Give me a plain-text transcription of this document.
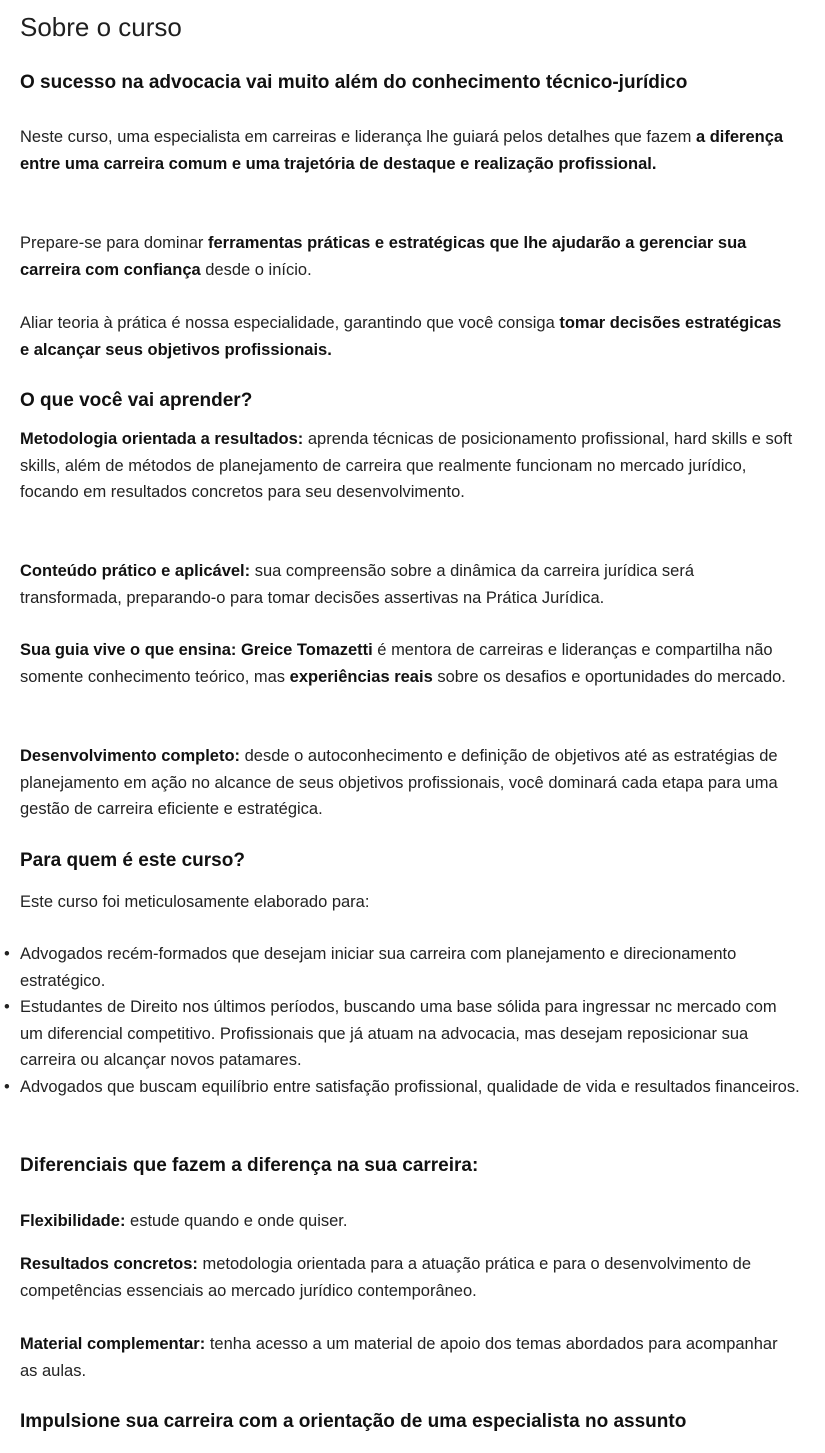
Sobre o curso
O sucesso na advocacia vai muito além do conhecimento técnico-jurídico

Neste curso, uma especialista em carreiras e liderança lhe guiará pelos detalhes que fazem a diferença entre uma carreira comum e uma trajetória de destaque e realização profissional.

Prepare-se para dominar ferramentas práticas e estratégicas que lhe ajudarão a gerenciar sua carreira com confiança desde o início.

Aliar teoria à prática é nossa especialidade, garantindo que você consiga tomar decisões estratégicas e alcançar seus objetivos profissionais.

O que você vai aprender?

Metodologia orientada a resultados: aprenda técnicas de posicionamento profissional, hard skills e soft skills, além de métodos de planejamento de carreira que realmente funcionam no mercado jurídico, focando em resultados concretos para seu desenvolvimento.

Conteúdo prático e aplicável: sua compreensão sobre a dinâmica da carreira jurídica será transformada, preparando-o para tomar decisões assertivas na Prática Jurídica.

Sua guia vive o que ensina: Greice Tomazetti é mentora de carreiras e lideranças e compartilha não somente conhecimento teórico, mas experiências reais sobre os desafios e oportunidades do mercado.

Desenvolvimento completo: desde o autoconhecimento e definição de objetivos até as estratégias de planejamento em ação no alcance de seus objetivos profissionais, você dominará cada etapa para uma gestão de carreira eficiente e estratégica.

Para quem é este curso?

Este curso foi meticulosamente elaborado para:

• Advogados recém-formados que desejam iniciar sua carreira com planejamento e direcionamento estratégico.
• Estudantes de Direito nos últimos períodos, buscando uma base sólida para ingressar nc mercado com um diferencial competitivo. Profissionais que já atuam na advocacia, mas desejam reposicionar sua carreira ou alcançar novos patamares.
• Advogados que buscam equilíbrio entre satisfação profissional, qualidade de vida e resultados financeiros.
Diferenciais que fazem a diferença na sua carreira:

Flexibilidade: estude quando e onde quiser.

Resultados concretos: metodologia orientada para a atuação prática e para o desenvolvimento de competências essenciais ao mercado jurídico contemporâneo.

Material complementar: tenha acesso a um material de apoio dos temas abordados para acompanhar as aulas.

Impulsione sua carreira com a orientação de uma especialista no assunto
